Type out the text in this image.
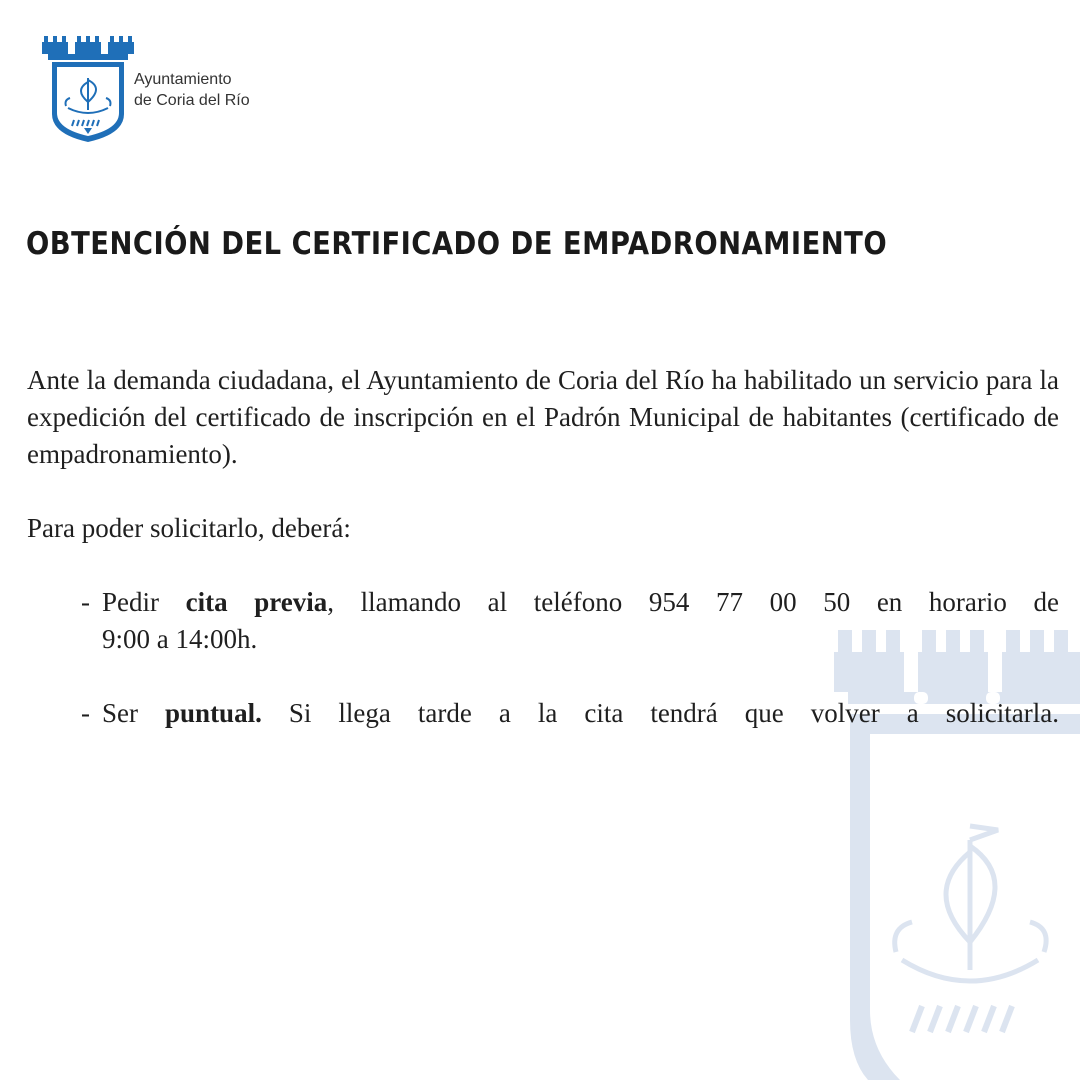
Ayuntamiento
de Coria del Río
OBTENCIÓN DEL CERTIFICADO DE EMPADRONAMIENTO

Ante la demanda ciudadana, el Ayuntamiento de Coria del Río ha habilitado un servicio para la expedición del certificado de inscripción en el Padrón Municipal de habitantes (certificado de empadronamiento).

Para poder solicitarlo, deberá:

- Pedir cita previa, llamando al teléfono 954 77 00 50 en horario de
9:00 a 14:00h.
- Ser puntual. Si llega tarde a la cita tendrá que volver a solicitarla.
